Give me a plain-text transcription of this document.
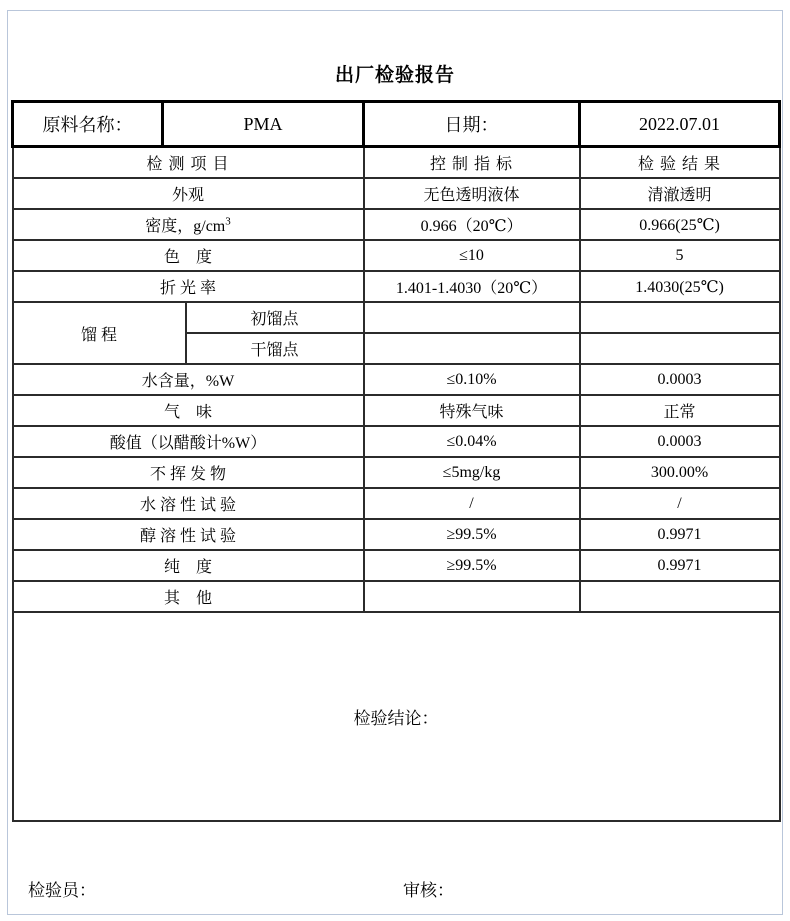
出厂检验报告
原料名称：	PMA		日期：	2022.07.01
检 测 项 目			控 制 指 标	检 验 结 果
外观			无色透明液体	清澈透明
密度，$g/cm^3$			0.966（20℃）	0.966(25℃)
色　度			≤10	5
折 光 率			1.401-1.4030（20℃）	1.4030(25℃)
馏 程		初馏点		
		干馏点		
水含量，%W			≤0.10%	0.0003
气　味			特殊气味	正常
酸值（以醋酸计%W）			≤0.04%	0.0003
不 挥 发 物			≤5mg/kg	300.00%
水 溶 性 试 验			/	/
醇 溶 性 试 验			≥99.5%	0.9971
纯　度			≥99.5%	0.9971
其　他				
检验结论：				
检验员：	审核：
